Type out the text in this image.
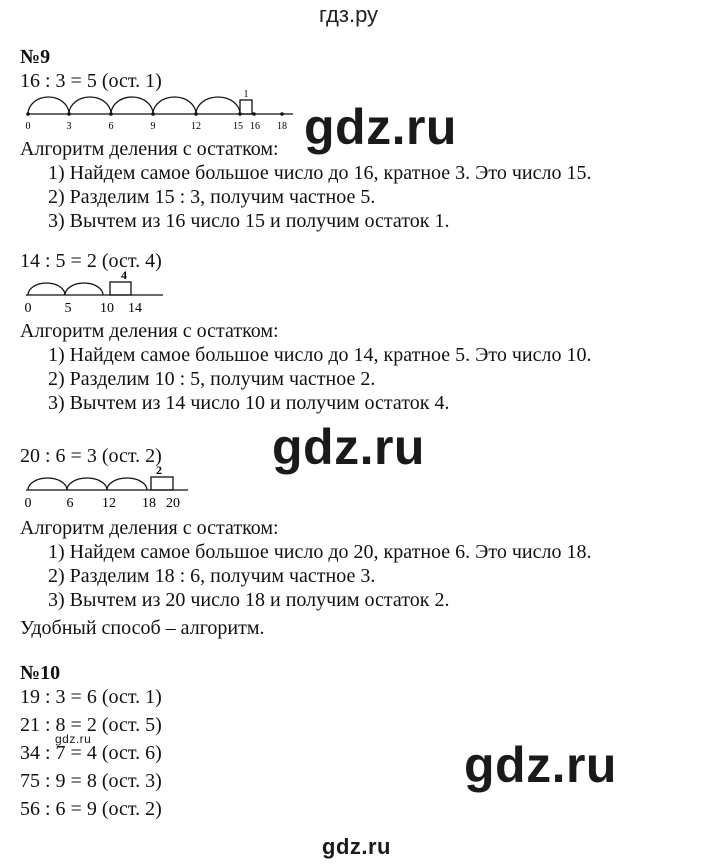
гдз.ру
№9
16 : 3 = 5 (ост. 1)
1
0	3	6	9	12	15 16 18 gdz.ru
Алгоритм деления с остатком:
1) Найдем самое большое число до 16, кратное 3. Это число 15.
2) Разделим 15 : 3, получим частное 5.
3) Вычтем из 16 число 15 и получим остаток 1.
14 : 5 = 2 (ост. 4)
4
0 5 10 14
Алгоритм деления с остатком:
1) Найдем самое большое число до 14, кратное 5. Это число 10.
2) Разделим 10 : 5, получим частное 2.
3) Вычтем из 14 число 10 и получим остаток 4.
gdz.ru
20 : 6 = 3 (ост. 2)
2
0	6 12 18 20
Алгоритм деления с остатком:
1) Найдем самое большое число до 20, кратное 6. Это число 18.
2) Разделим 18 : 6, получим частное 3.
3) Вычтем из 20 число 18 и получим остаток 2.
Удобный способ – алгоритм.
№10
19 : 3 = 6 (ост. 1)
21 : 8 = 2 (ост. 5)
34 : 7 = 4 (ост. 6)
75 : 9 = 8 (ост. 3)
56 : 6 = 9 (ост. 2)
gdz.ru	gdz.ru
gdz.ru
